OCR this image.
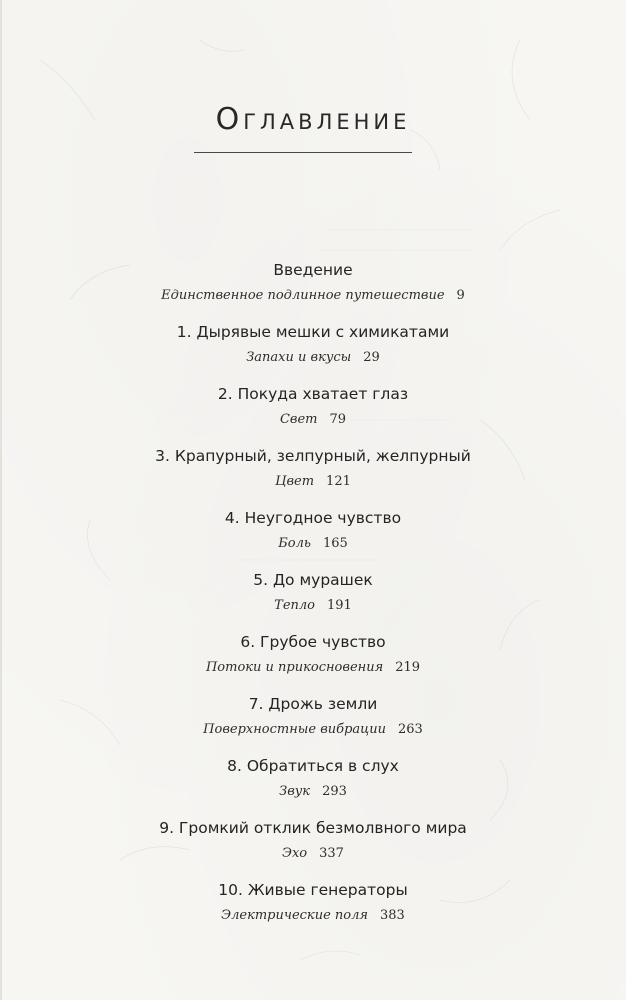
Оглавление
Введение
Единственное подлинное путешествие 9
1. Дырявые мешки с химикатами
Запахи и вкусы 29
2. Покуда хватает глаз
Свет 79
3. Крапурный, зелпурный, желпурный
Цвет 121
4. Неугодное чувство
Боль 165
5. До мурашек
Тепло 191
6. Грубое чувство
Потоки и прикосновения 219
7. Дрожь земли
Поверхностные вибрации 263
8. Обратиться в слух
Звук 293
9. Громкий отклик безмолвного мира
Эхо 337
10. Живые генераторы
Электрические поля 383
